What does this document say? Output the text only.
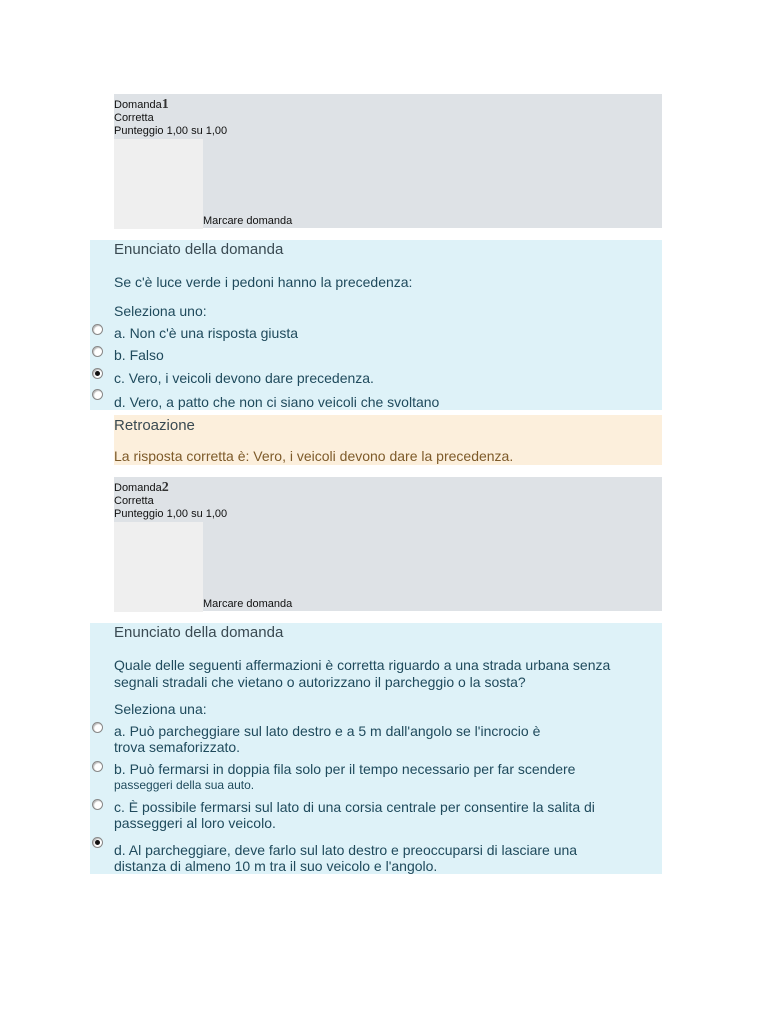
Domanda1
Corretta
Punteggio 1,00 su 1,00
Marcare domanda
Enunciato della domanda
Se c'è luce verde i pedoni hanno la precedenza:
Seleziona uno:
a. Non c'è una risposta giusta
b. Falso
c. Vero, i veicoli devono dare precedenza.
d. Vero, a patto che non ci siano veicoli che svoltano
Retroazione
La risposta corretta è: Vero, i veicoli devono dare la precedenza.
Domanda2
Corretta
Punteggio 1,00 su 1,00
Marcare domanda
Enunciato della domanda
Quale delle seguenti affermazioni è corretta riguardo a una strada urbana senza
segnali stradali che vietano o autorizzano il parcheggio o la sosta?
Seleziona una:
a. Può parcheggiare sul lato destro e a 5 m dall'angolo se l'incrocio è
trova semaforizzato.
b. Può fermarsi in doppia fila solo per il tempo necessario per far scendere
passeggeri della sua auto.
c. È possibile fermarsi sul lato di una corsia centrale per consentire la salita di
passeggeri al loro veicolo.
d. Al parcheggiare, deve farlo sul lato destro e preoccuparsi di lasciare una
distanza di almeno 10 m tra il suo veicolo e l'angolo.
